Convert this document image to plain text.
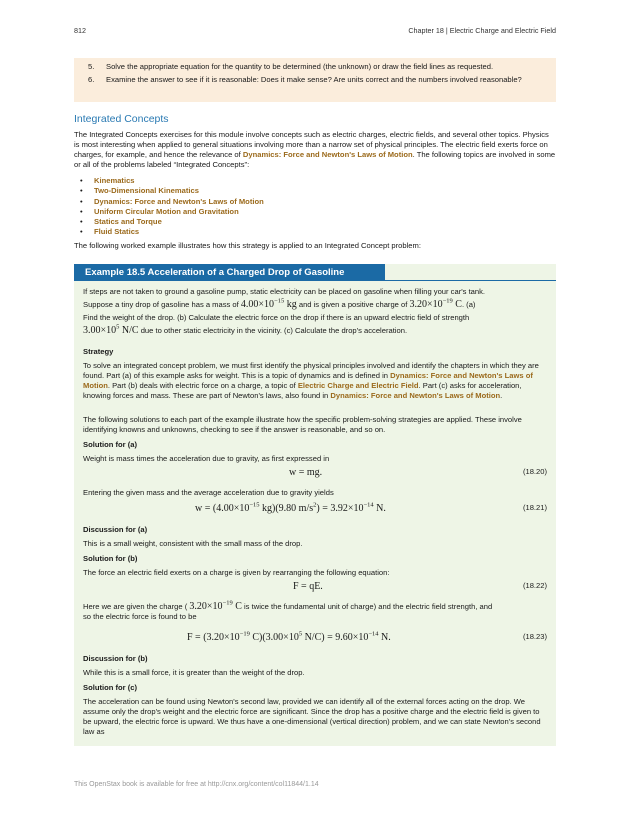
812	Chapter 18 | Electric Charge and Electric Field
5. Solve the appropriate equation for the quantity to be determined (the unknown) or draw the field lines as requested.
6. Examine the answer to see if it is reasonable: Does it make sense? Are units correct and the numbers involved reasonable?
Integrated Concepts
The Integrated Concepts exercises for this module involve concepts such as electric charges, electric fields, and several other topics. Physics is most interesting when applied to general situations involving more than a narrow set of physical principles. The electric field exerts force on charges, for example, and hence the relevance of Dynamics: Force and Newton's Laws of Motion. The following topics are involved in some or all of the problems labeled “Integrated Concepts”:
• Kinematics
• Two-Dimensional Kinematics
• Dynamics: Force and Newton's Laws of Motion
• Uniform Circular Motion and Gravitation
• Statics and Torque
• Fluid Statics
The following worked example illustrates how this strategy is applied to an Integrated Concept problem:
Example 18.5 Acceleration of a Charged Drop of Gasoline
If steps are not taken to ground a gasoline pump, static electricity can be placed on gasoline when filling your car's tank.
Suppose a tiny drop of gasoline has a mass of $4.00\times 10^{-15}$ kg and is given a positive charge of $3.20\times 10^{-19}$ C. (a)
Find the weight of the drop. (b) Calculate the electric force on the drop if there is an upward electric field of strength
$3.00\times 10^5$ N/C due to other static electricity in the vicinity. (c) Calculate the drop's acceleration.
Strategy
To solve an integrated concept problem, we must first identify the physical principles involved and identify the chapters in which they are found. Part (a) of this example asks for weight. This is a topic of dynamics and is defined in Dynamics: Force and Newton's Laws of Motion. Part (b) deals with electric force on a charge, a topic of Electric Charge and Electric Field. Part (c) asks for acceleration, knowing forces and mass. These are part of Newton's laws, also found in Dynamics: Force and Newton's Laws of Motion.
The following solutions to each part of the example illustrate how the specific problem-solving strategies are applied. These involve identifying knowns and unknowns, checking to see if the answer is reasonable, and so on.
Solution for (a)
Weight is mass times the acceleration due to gravity, as first expressed in
w = mg.	(18.20)
Entering the given mass and the average acceleration due to gravity yields
$w = (4.00\times 10^{-15}$ kg)(9.80 $m/s^2) = 3.92\times 10^{-14}$ N.	(18.21)
Discussion for (a)
This is a small weight, consistent with the small mass of the drop.
Solution for (b)
The force an electric field exerts on a charge is given by rearranging the following equation:
F = qE.	(18.22)
Here we are given the charge ( $3.20\times 10^{-19}$ C is twice the fundamental unit of charge) and the electric field strength, and
so the electric force is found to be
$F = (3.20\times 10^{-19}$ $C)(3.00\times 10^5$ $N/C) = 9.60\times 10^{-14}$ N.	(18.23)
Discussion for (b)
While this is a small force, it is greater than the weight of the drop.
Solution for (c)
The acceleration can be found using Newton's second law, provided we can identify all of the external forces acting on the drop. We assume only the drop's weight and the electric force are significant. Since the drop has a positive charge and the electric field is given to be upward, the electric force is upward. We thus have a one-dimensional (vertical direction) problem, and we can state Newton's second law as
This OpenStax book is available for free at http://cnx.org/content/col11844/1.14
